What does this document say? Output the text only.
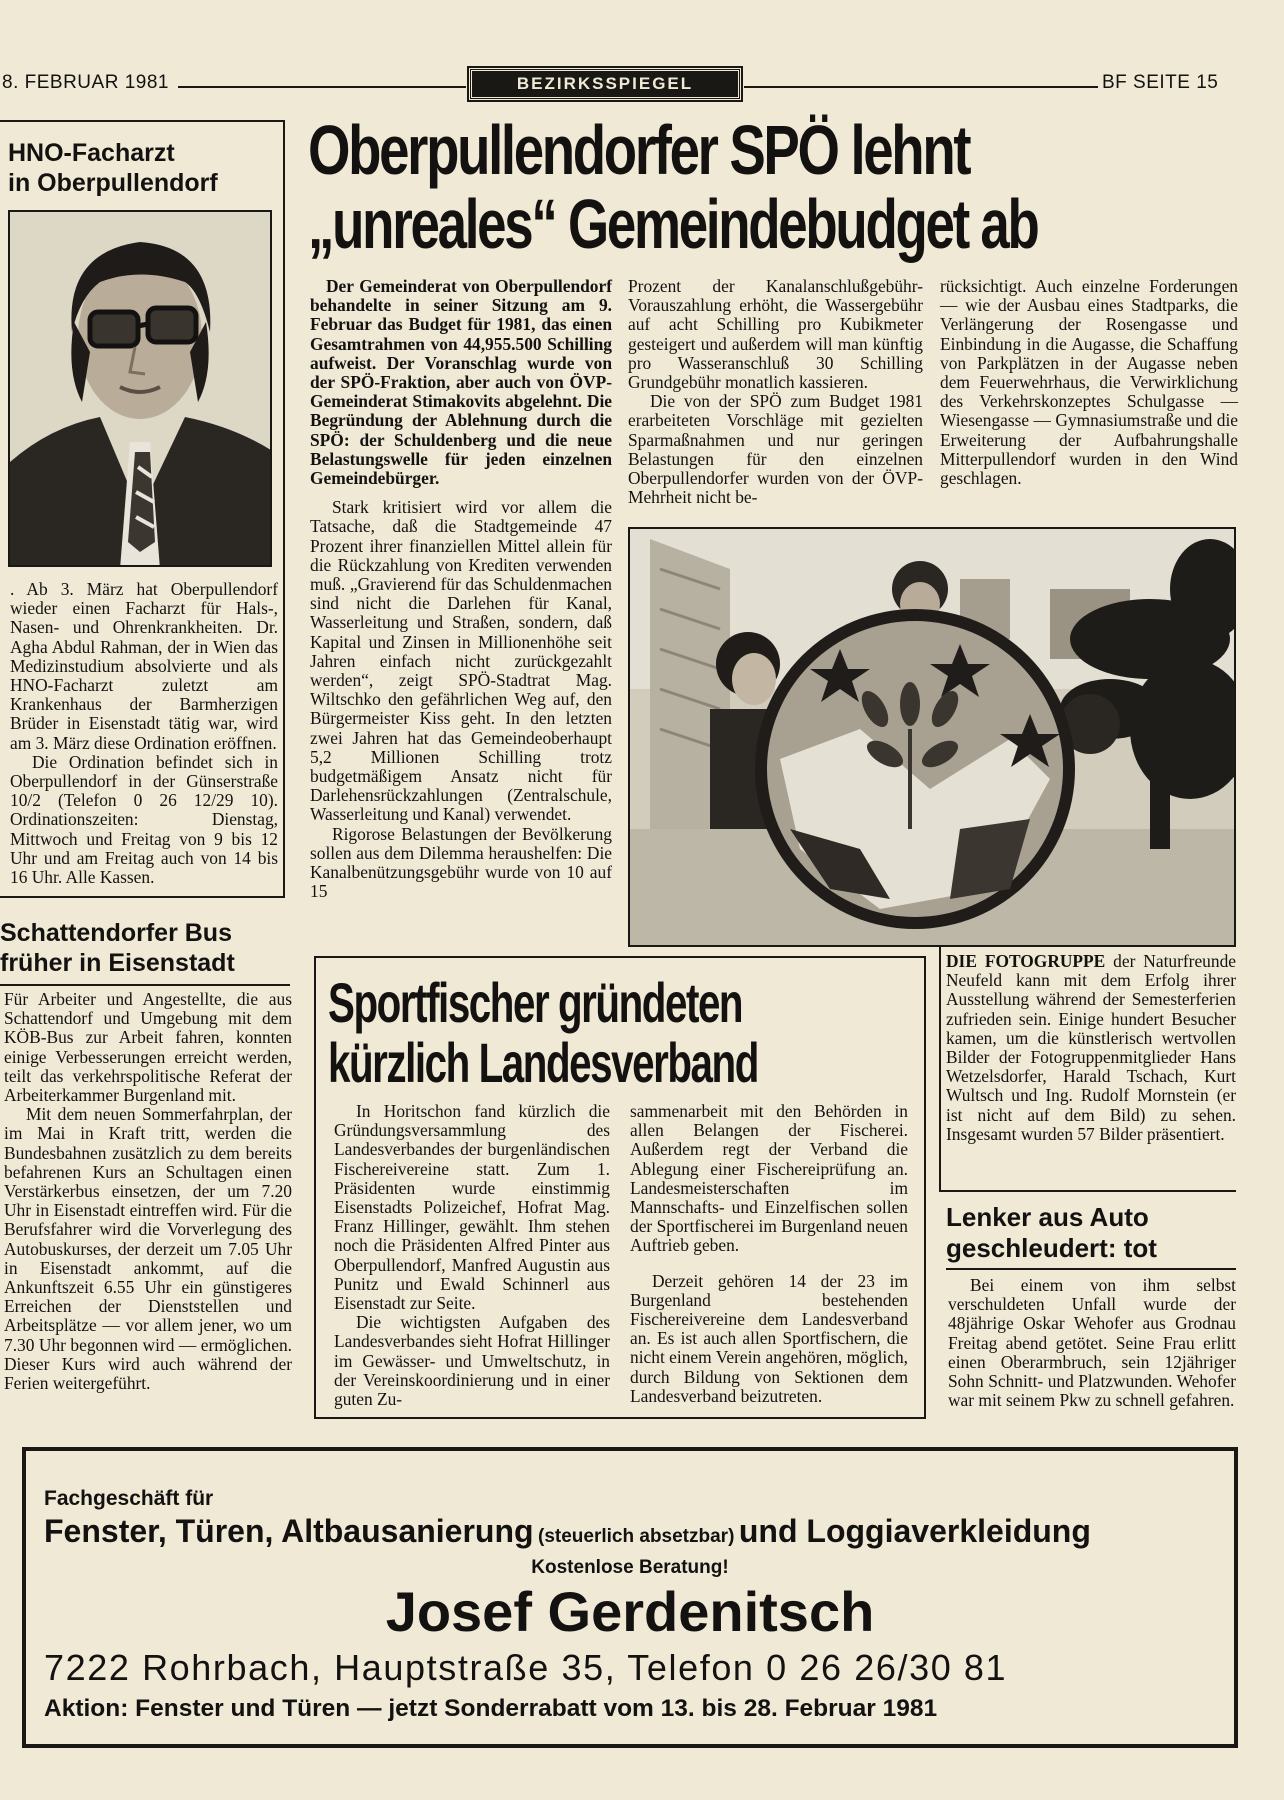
8. FEBRUAR 1981	BEZIRKSSPIEGEL	BF SEITE 15
HNO-Facharzt
in Oberpullendorf

. Ab 3. März hat Oberpullendorf wieder einen Facharzt für Hals-, Nasen- und Ohrenkrankheiten. Dr. Agha Abdul Rahman, der in Wien das Medizinstudium absolvierte und als HNO-Facharzt zuletzt am Krankenhaus der Barmherzigen Brüder in Eisenstadt tätig war, wird am 3. März diese Ordination eröffnen.

Die Ordination befindet sich in Oberpullendorf in der Günserstraße 10/2 (Telefon 0 26 12/29 10). Ordinationszeiten: Dienstag, Mittwoch und Freitag von 9 bis 12 Uhr und am Freitag auch von 14 bis 16 Uhr. Alle Kassen.

Schattendorfer Bus
früher in Eisenstadt

Für Arbeiter und Angestellte, die aus Schattendorf und Umgebung mit dem KÖB-Bus zur Arbeit fahren, konnten einige Verbesserungen erreicht werden, teilt das verkehrspolitische Referat der Arbeiterkammer Burgenland mit.

Mit dem neuen Sommerfahrplan, der im Mai in Kraft tritt, werden die Bundesbahnen zusätzlich zu dem bereits befahrenen Kurs an Schultagen einen Verstärkerbus einsetzen, der um 7.20 Uhr in Eisenstadt eintreffen wird. Für die Berufsfahrer wird die Vorverlegung des Autobuskurses, der derzeit um 7.05 Uhr in Eisenstadt ankommt, auf die Ankunftszeit 6.55 Uhr ein günstigeres Erreichen der Dienststellen und Arbeitsplätze — vor allem jener, wo um 7.30 Uhr begonnen wird — ermöglichen. Dieser Kurs wird auch während der Ferien weitergeführt.

Oberpullendorfer SPÖ lehnt
„unreales“ Gemeindebudget ab

Der Gemeinderat von Oberpullendorf behandelte in seiner Sitzung am 9. Februar das Budget für 1981, das einen Gesamtrahmen von 44,955.500 Schilling aufweist. Der Voranschlag wurde von der SPÖ-Fraktion, aber auch von ÖVP-Gemeinderat Stimakovits abgelehnt. Die Begründung der Ablehnung durch die SPÖ: der Schuldenberg und die neue Belastungswelle für jeden einzelnen Gemeindebürger.

Stark kritisiert wird vor allem die Tatsache, daß die Stadtgemeinde 47 Prozent ihrer finanziellen Mittel allein für die Rückzahlung von Krediten verwenden muß. „Gravierend für das Schuldenmachen sind nicht die Darlehen für Kanal, Wasserleitung und Straßen, sondern, daß Kapital und Zinsen in Millionenhöhe seit Jahren einfach nicht zurückgezahlt werden“, zeigt SPÖ-Stadtrat Mag. Wiltschko den gefährlichen Weg auf, den Bürgermeister Kiss geht. In den letzten zwei Jahren hat das Gemeindeoberhaupt 5,2 Millionen Schilling trotz budgetmäßigem Ansatz nicht für Darlehensrückzahlungen (Zentralschule, Wasserleitung und Kanal) verwendet.

Rigorose Belastungen der Bevölkerung sollen aus dem Dilemma heraushelfen: Die Kanalbenützungsgebühr wurde von 10 auf 15

Prozent der Kanalanschlußgebühr-Vorauszahlung erhöht, die Wassergebühr auf acht Schilling pro Kubikmeter gesteigert und außerdem will man künftig pro Wasseranschluß 30 Schilling Grundgebühr monatlich kassieren.

Die von der SPÖ zum Budget 1981 erarbeiteten Vorschläge mit gezielten Sparmaßnahmen und nur geringen Belastungen für den einzelnen Oberpullendorfer wurden von der ÖVP-Mehrheit nicht be-

rücksichtigt. Auch einzelne Forderungen — wie der Ausbau eines Stadtparks, die Verlängerung der Rosengasse und Einbindung in die Augasse, die Schaffung von Parkplätzen in der Augasse neben dem Feuerwehrhaus, die Verwirklichung des Verkehrskonzeptes Schulgasse — Wiesengasse — Gymnasiumstraße und die Erweiterung der Aufbahrungshalle Mitterpullendorf wurden in den Wind geschlagen.

DIE FOTOGRUPPE der Naturfreunde Neufeld kann mit dem Erfolg ihrer Ausstellung während der Semesterferien zufrieden sein. Einige hundert Besucher kamen, um die künstlerisch wertvollen Bilder der Fotogruppenmitglieder Hans Wetzelsdorfer, Harald Tschach, Kurt Wultsch und Ing. Rudolf Mornstein (er ist nicht auf dem Bild) zu sehen. Insgesamt wurden 57 Bilder präsentiert.

Sportfischer gründeten
kürzlich Landesverband

In Horitschon fand kürzlich die Gründungsversammlung des Landesverbandes der burgenländischen Fischereivereine statt. Zum 1. Präsidenten wurde einstimmig Eisenstadts Polizeichef, Hofrat Mag. Franz Hillinger, gewählt. Ihm stehen noch die Präsidenten Alfred Pinter aus Oberpullendorf, Manfred Augustin aus Punitz und Ewald Schinnerl aus Eisenstadt zur Seite.

Die wichtigsten Aufgaben des Landesverbandes sieht Hofrat Hillinger im Gewässer- und Umweltschutz, in der Vereinskoordinierung und in einer guten Zu-

sammenarbeit mit den Behörden in allen Belangen der Fischerei. Außerdem regt der Verband die Ablegung einer Fischereiprüfung an. Landesmeisterschaften im Mannschafts- und Einzelfischen sollen der Sportfischerei im Burgenland neuen Auftrieb geben.

Derzeit gehören 14 der 23 im Burgenland bestehenden Fischereivereine dem Landesverband an. Es ist auch allen Sportfischern, die nicht einem Verein angehören, möglich, durch Bildung von Sektionen dem Landesverband beizutreten.

Lenker aus Auto
geschleudert: tot

Bei einem von ihm selbst verschuldeten Unfall wurde der 48jährige Oskar Wehofer aus Grodnau Freitag abend getötet. Seine Frau erlitt einen Oberarmbruch, sein 12jähriger Sohn Schnitt- und Platzwunden. Wehofer war mit seinem Pkw zu schnell gefahren.

Fachgeschäft für
Fenster, Türen, Altbausanierung (steuerlich absetzbar) und Loggiaverkleidung
Kostenlose Beratung!
Josef Gerdenitsch
7222 Rohrbach, Hauptstraße 35, Telefon 0 26 26/30 81
Aktion: Fenster und Türen — jetzt Sonderrabatt vom 13. bis 28. Februar 1981
